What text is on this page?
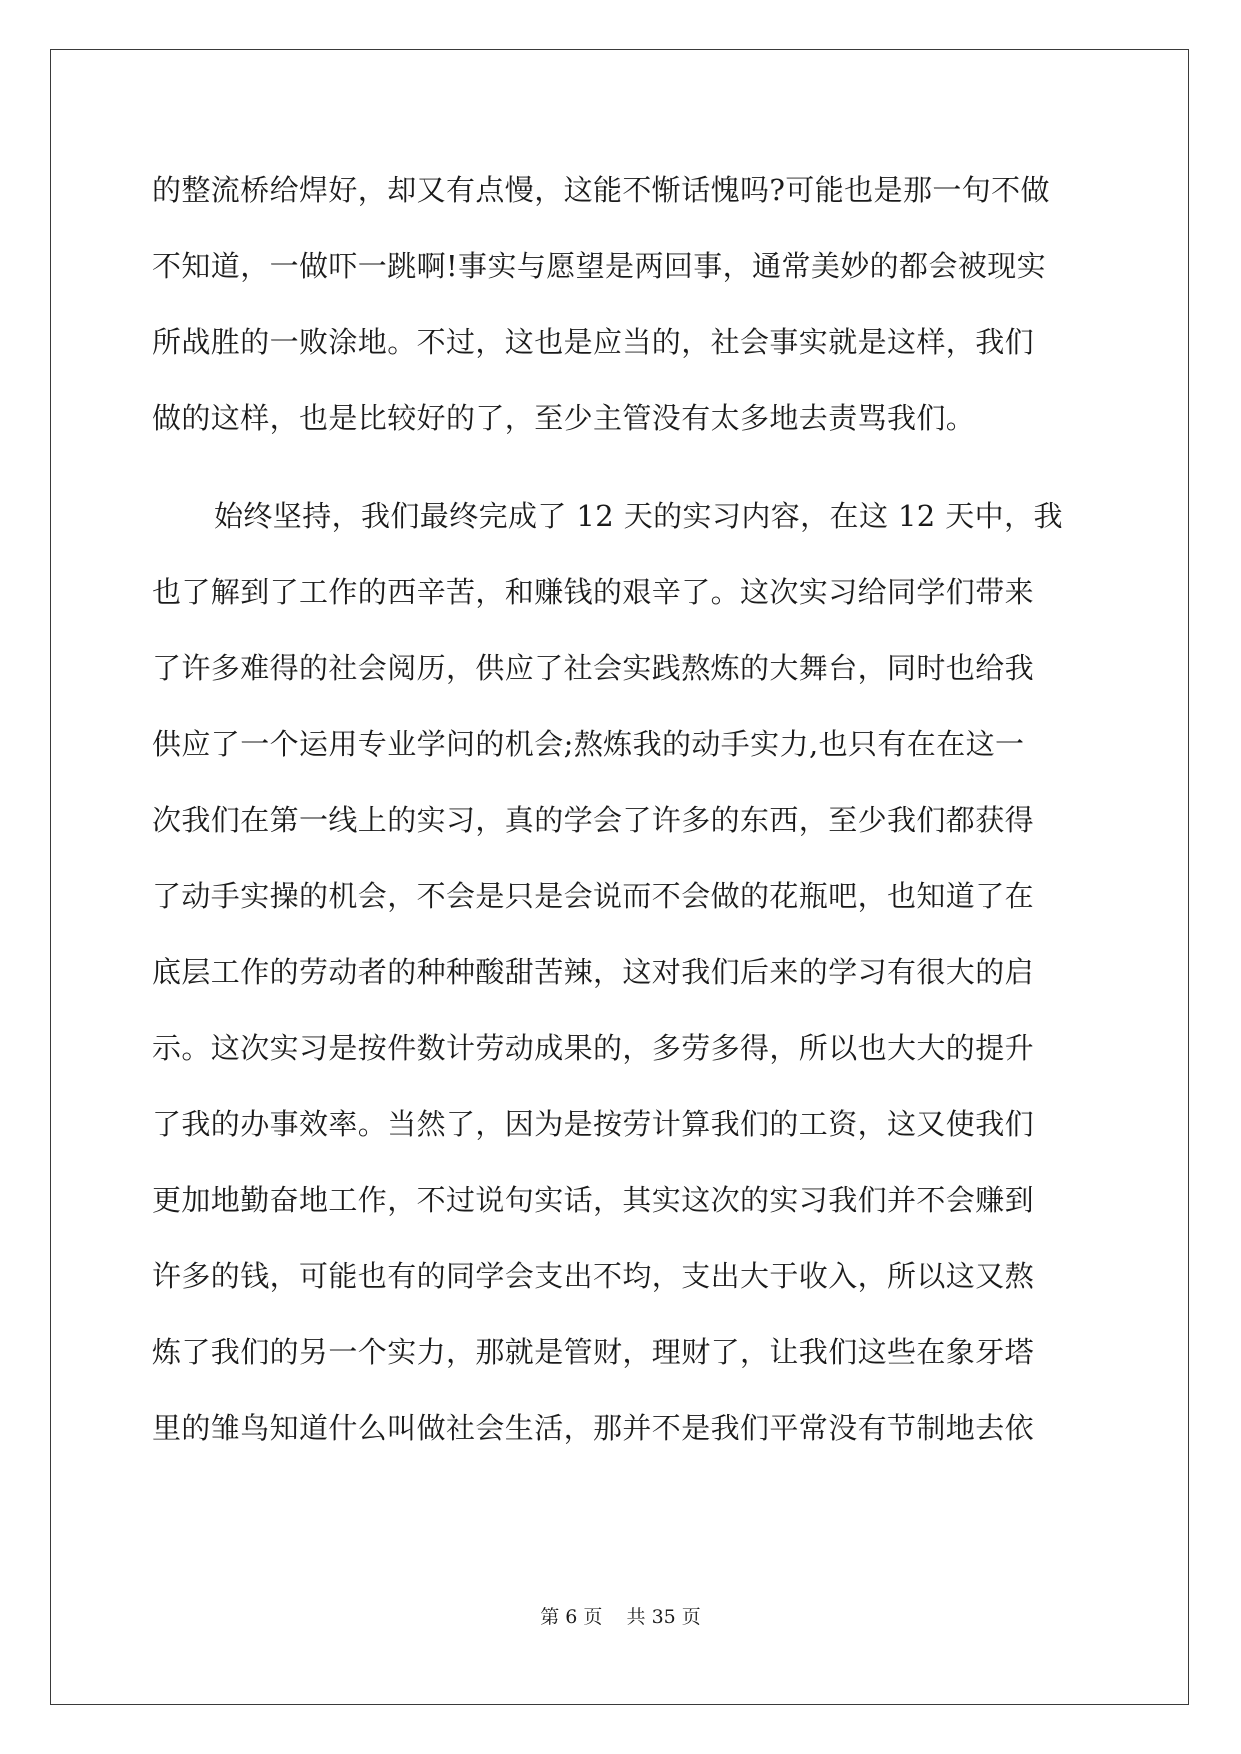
的整流桥给焊好，却又有点慢，这能不惭话愧吗?可能也是那一句不做
不知道，一做吓一跳啊!事实与愿望是两回事，通常美妙的都会被现实
所战胜的一败涂地。不过，这也是应当的，社会事实就是这样，我们
做的这样，也是比较好的了，至少主管没有太多地去责骂我们。
始终坚持，我们最终完成了 12 天的实习内容，在这 12 天中，我
也了解到了工作的西辛苦，和赚钱的艰辛了。这次实习给同学们带来
了许多难得的社会阅历，供应了社会实践熬炼的大舞台，同时也给我
供应了一个运用专业学问的机会;熬炼我的动手实力,也只有在在这一
次我们在第一线上的实习，真的学会了许多的东西，至少我们都获得
了动手实操的机会，不会是只是会说而不会做的花瓶吧，也知道了在
底层工作的劳动者的种种酸甜苦辣，这对我们后来的学习有很大的启
示。这次实习是按件数计劳动成果的，多劳多得，所以也大大的提升
了我的办事效率。当然了，因为是按劳计算我们的工资，这又使我们
更加地勤奋地工作，不过说句实话，其实这次的实习我们并不会赚到
许多的钱，可能也有的同学会支出不均，支出大于收入，所以这又熬
炼了我们的另一个实力，那就是管财，理财了，让我们这些在象牙塔
里的雏鸟知道什么叫做社会生活，那并不是我们平常没有节制地去依
第 6 页    共 35 页
